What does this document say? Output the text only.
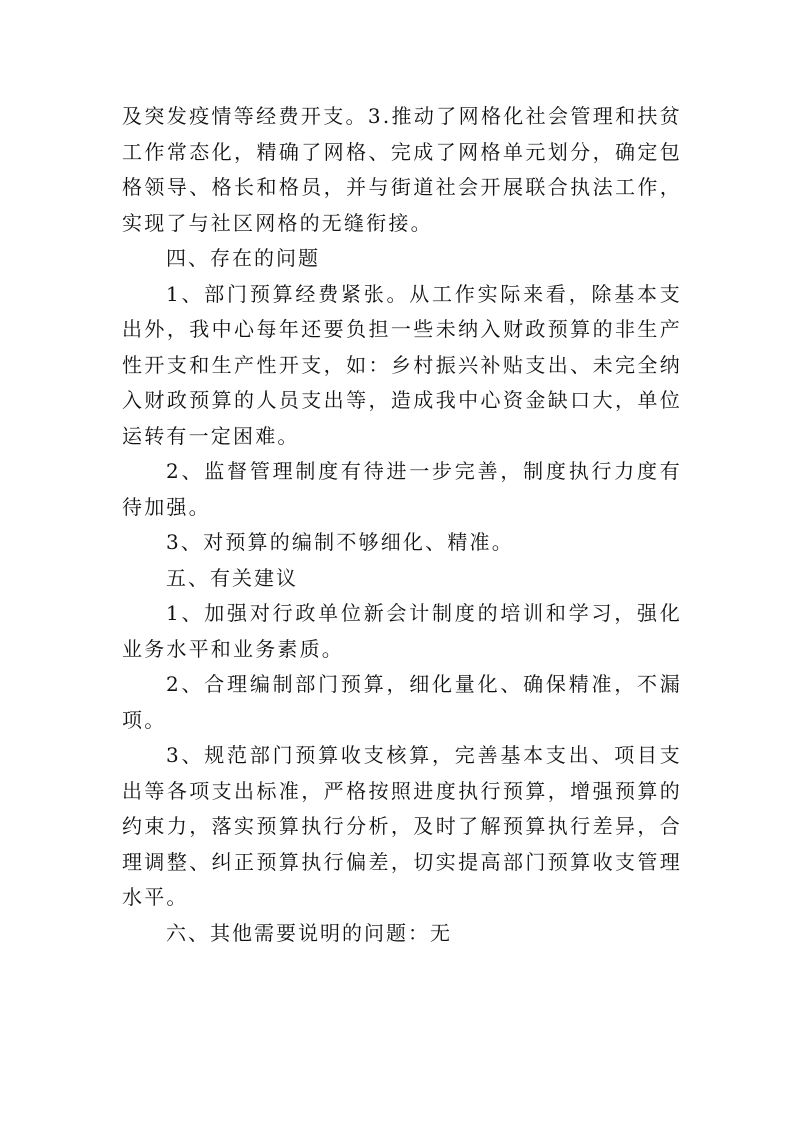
及突发疫情等经费开支。3.推动了网格化社会管理和扶贫工作常态化，精确了网格、完成了网格单元划分，确定包格领导、格长和格员，并与街道社会开展联合执法工作，实现了与社区网格的无缝衔接。

四、存在的问题

1、部门预算经费紧张。从工作实际来看，除基本支出外，我中心每年还要负担一些未纳入财政预算的非生产性开支和生产性开支，如：乡村振兴补贴支出、未完全纳入财政预算的人员支出等，造成我中心资金缺口大，单位运转有一定困难。

2、监督管理制度有待进一步完善，制度执行力度有待加强。

3、对预算的编制不够细化、精准。

五、有关建议

1、加强对行政单位新会计制度的培训和学习，强化业务水平和业务素质。

2、合理编制部门预算，细化量化、确保精准，不漏项。

3、规范部门预算收支核算，完善基本支出、项目支出等各项支出标准，严格按照进度执行预算，增强预算的约束力，落实预算执行分析，及时了解预算执行差异，合理调整、纠正预算执行偏差，切实提高部门预算收支管理水平。

六、其他需要说明的问题：无
